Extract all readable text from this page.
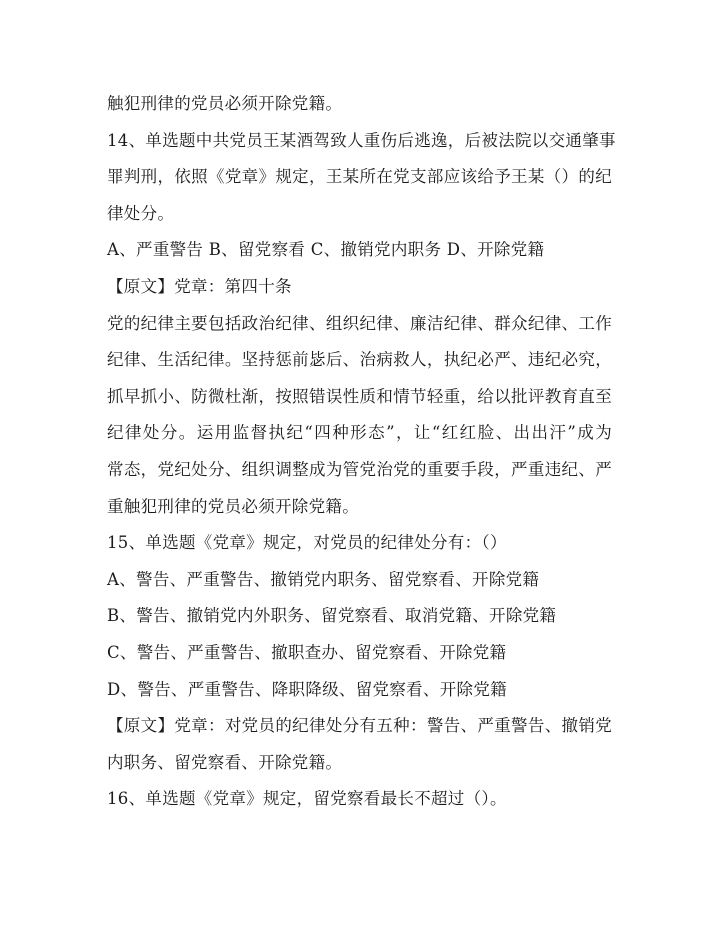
触犯刑律的党员必须开除党籍。
14、单选题中共党员王某酒驾致人重伤后逃逸，后被法院以交通肇事
罪判刑，依照《党章》规定，王某所在党支部应该给予王某（）的纪
律处分。
A、严重警告 B、留党察看 C、撤销党内职务 D、开除党籍
【原文】党章：第四十条
党的纪律主要包括政治纪律、组织纪律、廉洁纪律、群众纪律、工作
纪律、生活纪律。坚持惩前毖后、治病救人，执纪必严、违纪必究，
抓早抓小、防微杜渐，按照错误性质和情节轻重，给以批评教育直至
纪律处分。运用监督执纪“四种形态”，让“红红脸、出出汗”成为
常态，党纪处分、组织调整成为管党治党的重要手段，严重违纪、严
重触犯刑律的党员必须开除党籍。
15、单选题《党章》规定，对党员的纪律处分有：（）
A、警告、严重警告、撤销党内职务、留党察看、开除党籍
B、警告、撤销党内外职务、留党察看、取消党籍、开除党籍
C、警告、严重警告、撤职查办、留党察看、开除党籍
D、警告、严重警告、降职降级、留党察看、开除党籍
【原文】党章：对党员的纪律处分有五种：警告、严重警告、撤销党
内职务、留党察看、开除党籍。
16、单选题《党章》规定，留党察看最长不超过（）。
